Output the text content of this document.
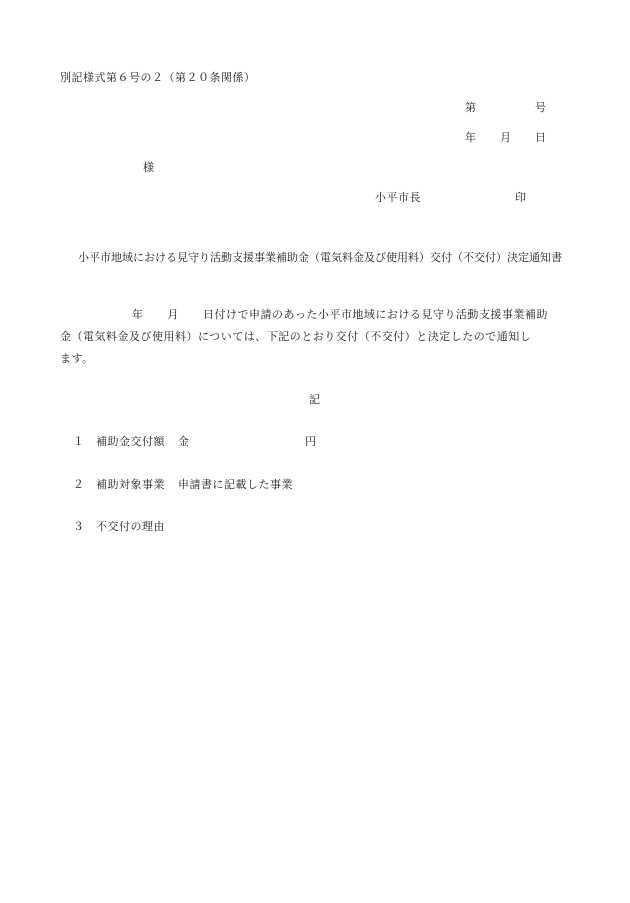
別記様式第６号の２（第２０条関係）
第	号
年 月 日
様
小平市長	印
小平市地域における見守り活動支援事業補助金（電気料金及び使用料）交付（不交付）決定通知書

年 月 日付けで申請のあった小平市地域における見守り活動支援事業補助

金（電気料金及び使用料）については、下記のとおり交付（不交付）と決定したので通知し

ます。

記
１ 補助金交付額 金	円
２ 補助対象事業 申請書に記載した事業
３ 不交付の理由
